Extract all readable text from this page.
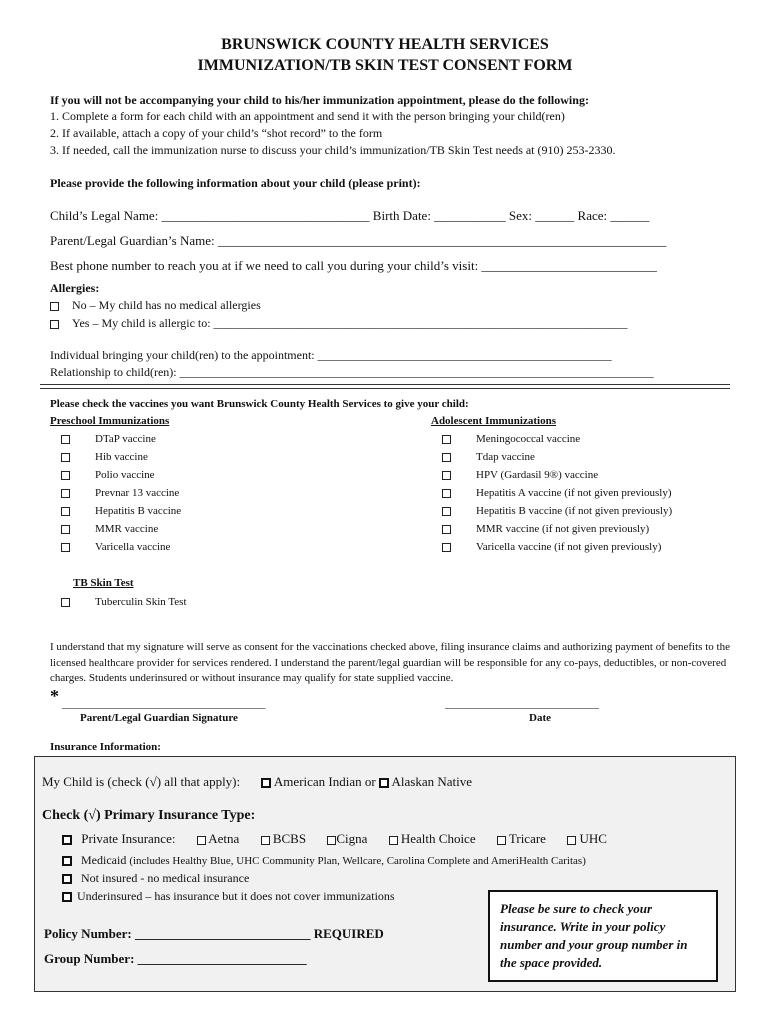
BRUNSWICK COUNTY HEALTH SERVICES
IMMUNIZATION/TB SKIN TEST CONSENT FORM
If you will not be accompanying your child to his/her immunization appointment, please do the following:
1. Complete a form for each child with an appointment and send it with the person bringing your child(ren)
2. If available, attach a copy of your child’s “shot record” to the form
3. If needed, call the immunization nurse to discuss your child’s immunization/TB Skin Test needs at (910) 253-2330.
Please provide the following information about your child (please print):
Child’s Legal Name: ________________________________ Birth Date: ___________ Sex: ______ Race: ______
Parent/Legal Guardian’s Name: _____________________________________________________________________
Best phone number to reach you at if we need to call you during your child’s visit: ___________________________
Allergies:
No – My child has no medical allergies
Yes – My child is allergic to: _____________________________________________________________________
Individual bringing your child(ren) to the appointment: _________________________________________________
Relationship to child(ren): _______________________________________________________________________________
Please check the vaccines you want Brunswick County Health Services to give your child:
Preschool Immunizations	Adolescent Immunizations
DTaP vaccine
Hib vaccine
Polio vaccine
Prevnar 13 vaccine
Hepatitis B vaccine
MMR vaccine
Varicella vaccine
Meningococcal vaccine
Tdap vaccine
HPV (Gardasil 9®) vaccine
Hepatitis A vaccine (if not given previously)
Hepatitis B vaccine (if not given previously)
MMR vaccine (if not given previously)
Varicella vaccine (if not given previously)
TB Skin Test
Tuberculin Skin Test
I understand that my signature will serve as consent for the vaccinations checked above, filing insurance claims and authorizing payment of benefits to the licensed healthcare provider for services rendered. I understand the parent/legal guardian will be responsible for any co-pays, deductibles, or non-covered charges. Students underinsured or without insurance may qualify for state supplied vaccine.
* _____________________________________	____________________________
Parent/Legal Guardian Signature	Date
Insurance Information:
My Child is (check (√) all that apply):	American Indian or Alaskan Native
Check (√) Primary Insurance Type:
Private Insurance:	Aetna	BCBS Cigna	Health Choice	Tricare	UHC
Medicaid (includes Healthy Blue, UHC Community Plan, Wellcare, Carolina Complete and AmeriHealth Caritas)
Not insured - no medical insurance
Underinsured – has insurance but it does not cover immunizations
Policy Number: ___________________________ REQUIRED
Group Number: __________________________
Please be sure to check your insurance. Write in your policy number and your group number in the space provided.
